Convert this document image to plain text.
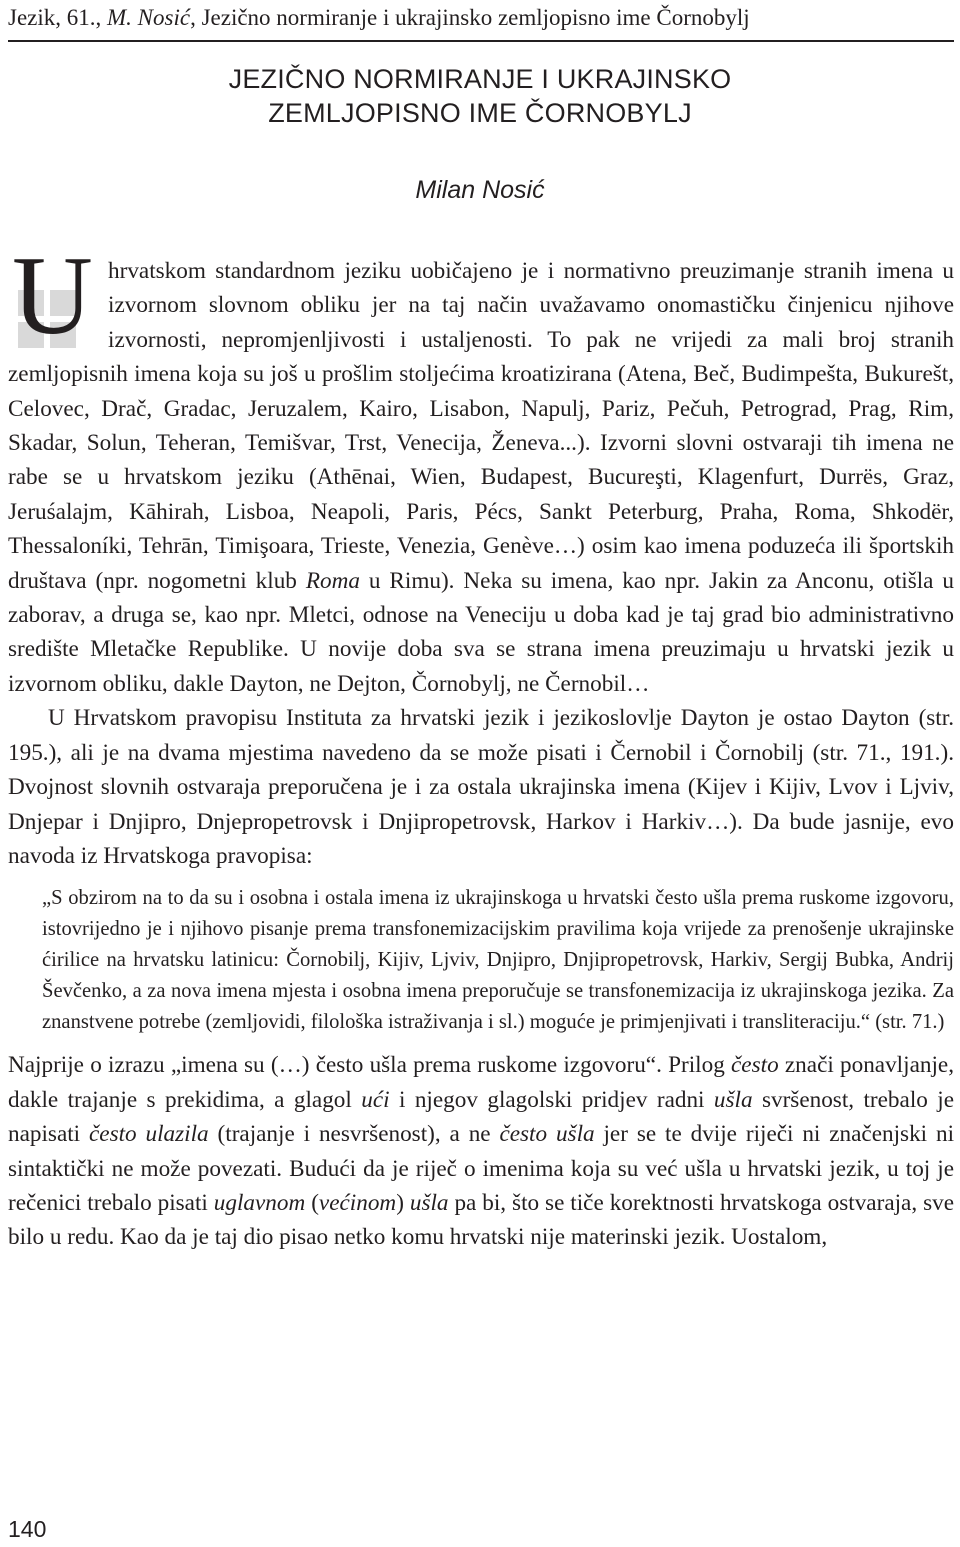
Jezik, 61., M. Nosić, Jezično normiranje i ukrajinsko zemljopisno ime Čornobylj
JEZIČNO NORMIRANJE I UKRAJINSKO
ZEMLJOPISNO IME ČORNOBYLJ
Milan Nosić
U hrvatskom standardnom jeziku uobičajeno je i normativno preuzimanje stranih imena u izvornom slovnom obliku jer na taj način uvažavamo onomastičku činjenicu njihove izvornosti, nepromjenljivosti i ustaljenosti. To pak ne vrijedi za mali broj stranih zemljopisnih imena koja su još u prošlim stoljećima kroatizirana (Atena, Beč, Budimpešta, Bukurešt, Celovec, Drač, Gradac, Jeruzalem, Kairo, Lisabon, Napulj, Pariz, Pečuh, Petrograd, Prag, Rim, Skadar, Solun, Teheran, Temišvar, Trst, Venecija, Ženeva...). Izvorni slovni ostvaraji tih imena ne rabe se u hrvatskom jeziku (Athēnai, Wien, Budapest, Bucureşti, Klagenfurt, Durrës, Graz, Jeruśalajm, Kāhirah, Lisboa, Neapoli, Paris, Pécs, Sankt Peterburg, Praha, Roma, Shkodër, Thessaloníki, Tehrān, Timişoara, Trieste, Venezia, Genève…) osim kao imena poduzeća ili športskih društava (npr. nogometni klub Roma u Rimu). Neka su imena, kao npr. Jakin za Anconu, otišla u zaborav, a druga se, kao npr. Mletci, odnose na Veneciju u doba kad je taj grad bio administrativno središte Mletačke Republike. U novije doba sva se strana imena preuzimaju u hrvatski jezik u izvornom obliku, dakle Dayton, ne Dejton, Čornobylj, ne Černobil…

U Hrvatskom pravopisu Instituta za hrvatski jezik i jezikoslovlje Dayton je ostao Dayton (str. 195.), ali je na dvama mjestima navedeno da se može pisati i Černobil i Čornobilj (str. 71., 191.). Dvojnost slovnih ostvaraja preporučena je i za ostala ukrajinska imena (Kijev i Kijiv, Lvov i Ljviv, Dnjepar i Dnjipro, Dnjepropetrovsk i Dnjipropetrovsk, Harkov i Harkiv…). Da bude jasnije, evo navoda iz Hrvatskoga pravopisa:

„S obzirom na to da su i osobna i ostala imena iz ukrajinskoga u hrvatski često ušla prema ruskome izgovoru, istovrijedno je i njihovo pisanje prema transfonemizacijskim pravilima koja vrijede za prenošenje ukrajinske ćirilice na hrvatsku latinicu: Čornobilj, Kijiv, Ljviv, Dnjipro, Dnjipropetrovsk, Harkiv, Sergij Bubka, Andrij Ševčenko, a za nova imena mjesta i osobna imena preporučuje se transfonemizacija iz ukrajinskoga jezika. Za znanstvene potrebe (zemljovidi, filološka istraživanja i sl.) moguće je primjenjivati i transliteraciju.“ (str. 71.)

Najprije o izrazu „imena su (…) često ušla prema ruskome izgovoru“. Prilog često znači ponavljanje, dakle trajanje s prekidima, a glagol ući i njegov glagolski pridjev radni ušla svršenost, trebalo je napisati često ulazila (trajanje i nesvršenost), a ne često ušla jer se te dvije riječi ni značenjski ni sintaktički ne može povezati. Budući da je riječ o imenima koja su već ušla u hrvatski jezik, u toj je rečenici trebalo pisati uglavnom (većinom) ušla pa bi, što se tiče korektnosti hrvatskoga ostvaraja, sve bilo u redu. Kao da je taj dio pisao netko komu hrvatski nije materinski jezik. Uostalom,

140
